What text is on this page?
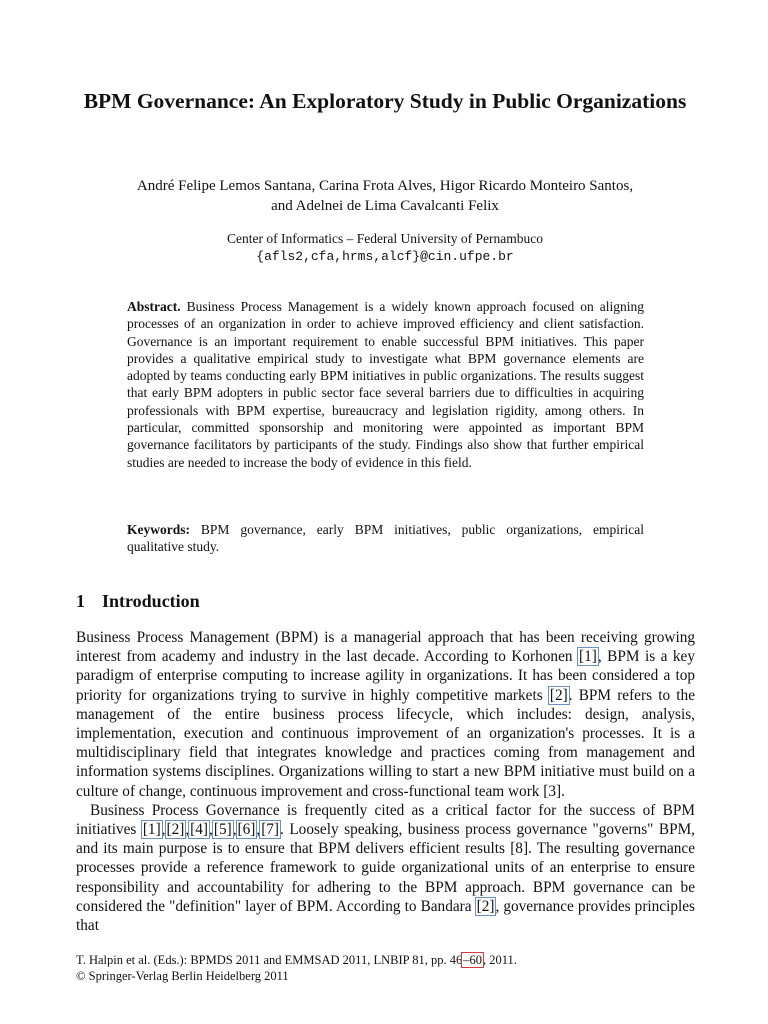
BPM Governance: An Exploratory Study in Public Organizations
André Felipe Lemos Santana, Carina Frota Alves, Higor Ricardo Monteiro Santos,
and Adelnei de Lima Cavalcanti Felix
Center of Informatics – Federal University of Pernambuco
{afls2,cfa,hrms,alcf}@cin.ufpe.br

Abstract. Business Process Management is a widely known approach focused on aligning processes of an organization in order to achieve improved efficiency and client satisfaction. Governance is an important requirement to enable successful BPM initiatives. This paper provides a qualitative empirical study to investigate what BPM governance elements are adopted by teams conducting early BPM initiatives in public organizations. The results suggest that early BPM adopters in public sector face several barriers due to difficulties in acquiring professionals with BPM expertise, bureaucracy and legislation rigidity, among others. In particular, committed sponsorship and monitoring were appointed as important BPM governance facilitators by participants of the study. Findings also show that further empirical studies are needed to increase the body of evidence in this field.

Keywords: BPM governance, early BPM initiatives, public organizations, empirical qualitative study.

1 Introduction

Business Process Management (BPM) is a managerial approach that has been receiving growing interest from academy and industry in the last decade. According to Korhonen [1], BPM is a key paradigm of enterprise computing to increase agility in organizations. It has been considered a top priority for organizations trying to survive in highly competitive markets [2]. BPM refers to the management of the entire business process lifecycle, which includes: design, analysis, implementation, execution and continuous improvement of an organization's processes. It is a multidisciplinary field that integrates knowledge and practices coming from management and information systems disciplines. Organizations willing to start a new BPM initiative must build on a culture of change, continuous improvement and cross-functional team work [3].

Business Process Governance is frequently cited as a critical factor for the success of BPM initiatives [1],[2],[4],[5],[6],[7]. Loosely speaking, business process governance "governs" BPM, and its main purpose is to ensure that BPM delivers efficient results [8]. The resulting governance processes provide a reference framework to guide organizational units of an enterprise to ensure responsibility and accountability for adhering to the BPM approach. BPM governance can be considered the "definition" layer of BPM. According to Bandara [2], governance provides principles that

T. Halpin et al. (Eds.): BPMDS 2011 and EMMSAD 2011, LNBIP 81, pp. 46–60, 2011.
© Springer-Verlag Berlin Heidelberg 2011
